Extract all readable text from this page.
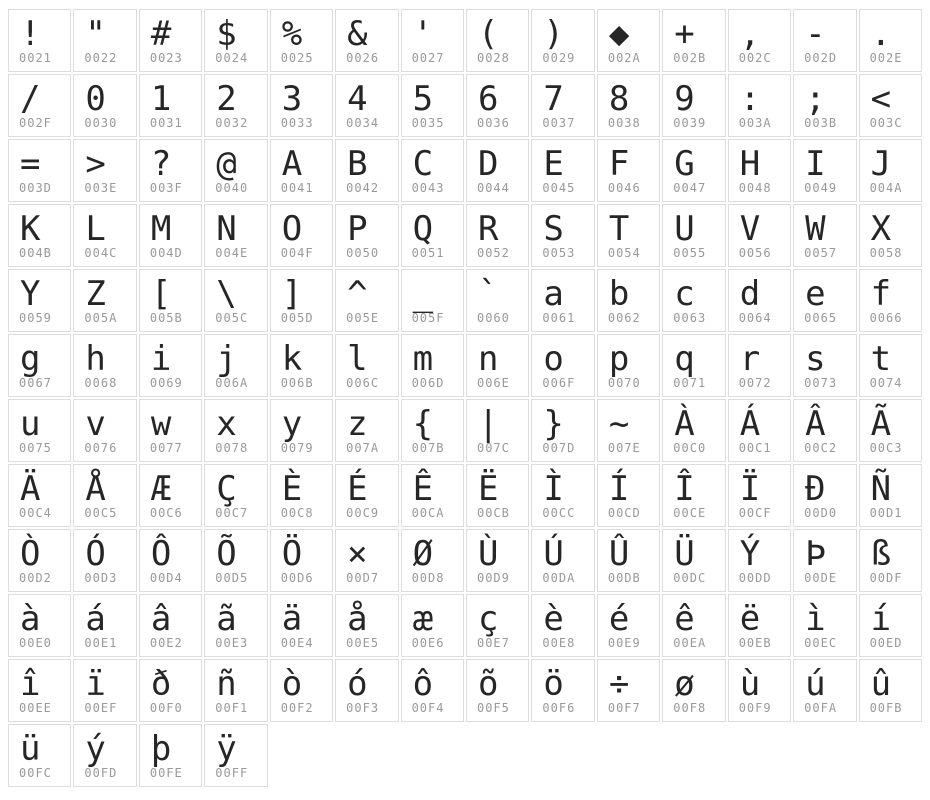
!
0021
"
0022
#
0023
$
0024
%
0025
&
0026
'
0027
(
0028
)
0029
◆
002A
+
002B
,
002C
-
002D
.
002E
/
002F
0
0030
1
0031
2
0032
3
0033
4
0034
5
0035
6
0036
7
0037
8
0038
9
0039
:
003A
;
003B
<
003C
=
003D
>
003E
?
003F
@
0040
A
0041
B
0042
C
0043
D
0044
E
0045
F
0046
G
0047
H
0048
I
0049
J
004A
K
004B
L
004C
M
004D
N
004E
O
004F
P
0050
Q
0051
R
0052
S
0053
T
0054
U
0055
V
0056
W
0057
X
0058
Y
0059
Z
005A
[
005B
\
005C
]
005D
^
005E
_
005F
`
0060
a
0061
b
0062
c
0063
d
0064
e
0065
f
0066
g
0067
h
0068
i
0069
j
006A
k
006B
l
006C
m
006D
n
006E
o
006F
p
0070
q
0071
r
0072
s
0073
t
0074
u
0075
v
0076
w
0077
x
0078
y
0079
z
007A
{
007B
|
007C
}
007D
~
007E
À
00C0
Á
00C1
Â
00C2
Ã
00C3
Ä
00C4
Å
00C5
Æ
00C6
Ç
00C7
È
00C8
É
00C9
Ê
00CA
Ë
00CB
Ì
00CC
Í
00CD
Î
00CE
Ï
00CF
Ð
00D0
Ñ
00D1
Ò
00D2
Ó
00D3
Ô
00D4
Õ
00D5
Ö
00D6
×
00D7
Ø
00D8
Ù
00D9
Ú
00DA
Û
00DB
Ü
00DC
Ý
00DD
Þ
00DE
ß
00DF
à
00E0
á
00E1
â
00E2
ã
00E3
ä
00E4
å
00E5
æ
00E6
ç
00E7
è
00E8
é
00E9
ê
00EA
ë
00EB
ì
00EC
í
00ED
î
00EE
ï
00EF
ð
00F0
ñ
00F1
ò
00F2
ó
00F3
ô
00F4
õ
00F5
ö
00F6
÷
00F7
ø
00F8
ù
00F9
ú
00FA
û
00FB
ü
00FC
ý
00FD
þ
00FE
ÿ
00FF
